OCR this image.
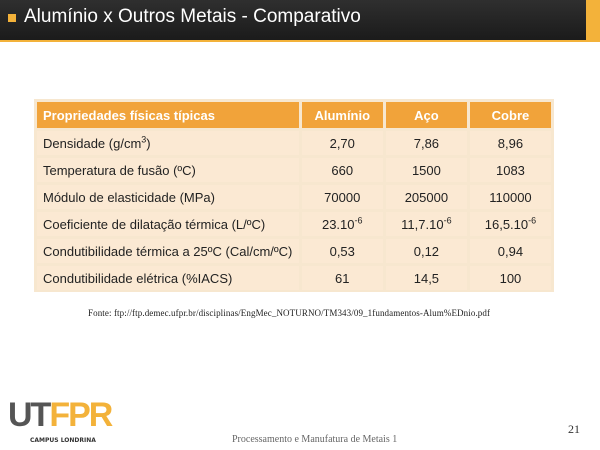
Alumínio x Outros Metais - Comparativo
Propriedades físicas típicas	Alumínio	Aço	Cobre
Densidade $(g/cm^3)$	2,70	7,86	8,96
Temperatura de fusão (ºC)	660	1500	1083
Módulo de elasticidade (MPa)	70000	205000	110000
Coeficiente de dilatação térmica (L/ºC)	$23.10^{-6}$	$11,7.10^{-6}$	$16,5.10^{-6}$
Condutibilidade térmica a 25ºC (Cal/cm/ºC)	0,53	0,12	0,94
Condutibilidade elétrica (%IACS)	61	14,5	100
Fonte: ftp://ftp.demec.ufpr.br/disciplinas/EngMec_NOTURNO/TM343/09_1fundamentos-Alum%EDnio.pdf
UTFPR
CAMPUS LONDRINA	Processamento e Manufatura de Metais 1
21
